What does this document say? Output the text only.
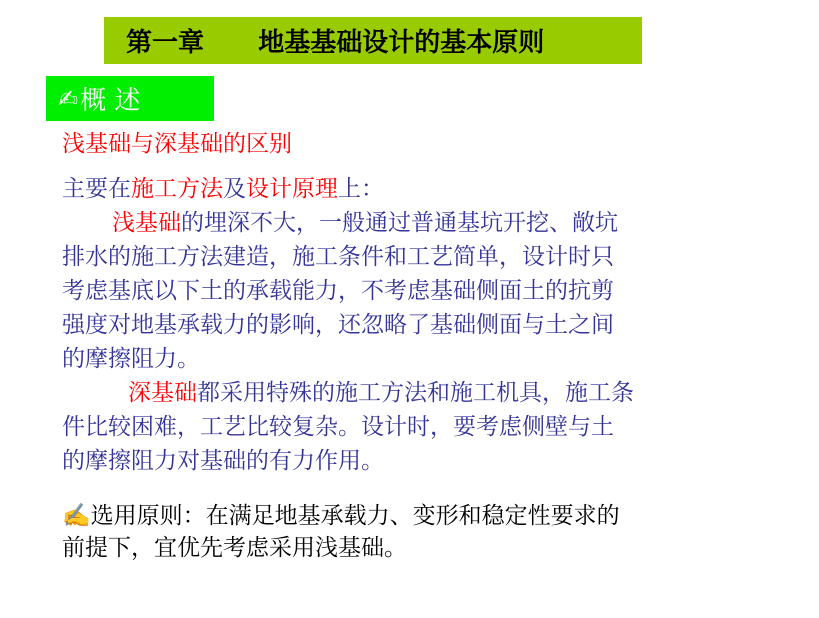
第一章      地基基础设计的基本原则
✍ 概 述
浅基础与深基础的区别
主要在施工方法及设计原理上：
浅基础的埋深不大，一般通过普通基坑开挖、敞坑
排水的施工方法建造，施工条件和工艺简单，设计时只
考虑基底以下土的承载能力，不考虑基础侧面土的抗剪
强度对地基承载力的影响，还忽略了基础侧面与土之间
的摩擦阻力。
深基础都采用特殊的施工方法和施工机具，施工条
件比较困难，工艺比较复杂。设计时，要考虑侧壁与土
的摩擦阻力对基础的有力作用。
✍选用原则：在满足地基承载力、变形和稳定性要求的
前提下，宜优先考虑采用浅基础。
